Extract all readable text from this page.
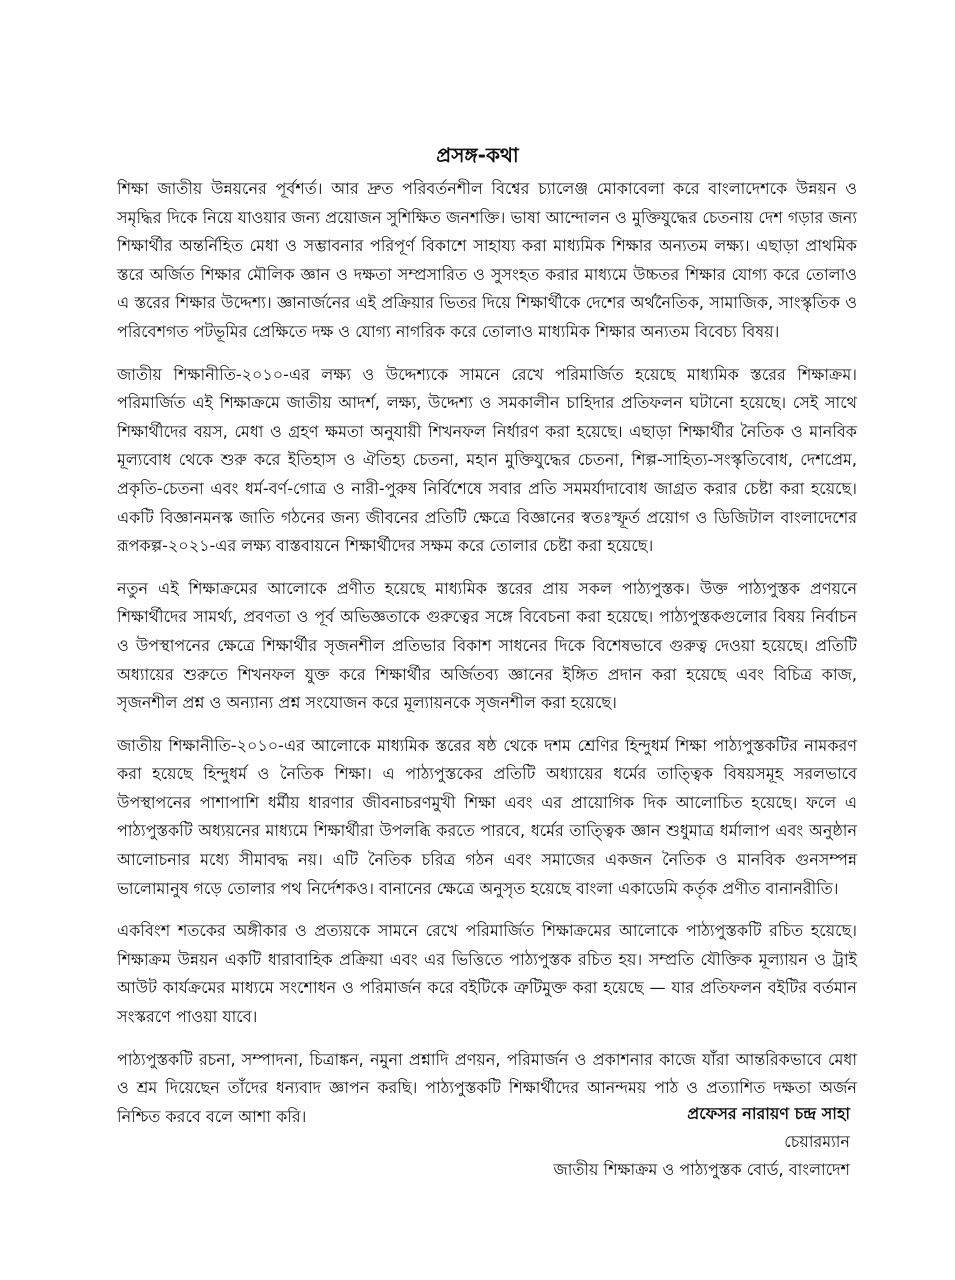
প্রসঙ্গ-কথা

শিক্ষা জাতীয় উন্নয়নের পূর্বশর্ত। আর দ্রুত পরিবর্তনশীল বিশ্বের চ্যালেঞ্জ মোকাবেলা করে বাংলাদেশকে উন্নয়ন ও সমৃদ্ধির দিকে নিয়ে যাওয়ার জন্য প্রয়োজন সুশিক্ষিত জনশক্তি। ভাষা আন্দোলন ও মুক্তিযুদ্ধের চেতনায় দেশ গড়ার জন্য শিক্ষার্থীর অন্তর্নিহিত মেধা ও সম্ভাবনার পরিপূর্ণ বিকাশে সাহায্য করা মাধ্যমিক শিক্ষার অন্যতম লক্ষ্য। এছাড়া প্রাথমিক স্তরে অর্জিত শিক্ষার মৌলিক জ্ঞান ও দক্ষতা সম্প্রসারিত ও সুসংহত করার মাধ্যমে উচ্চতর শিক্ষার যোগ্য করে তোলাও এ স্তরের শিক্ষার উদ্দেশ্য। জ্ঞানার্জনের এই প্রক্রিয়ার ভিতর দিয়ে শিক্ষার্থীকে দেশের অর্থনৈতিক, সামাজিক, সাংস্কৃতিক ও পরিবেশগত পটভূমির প্রেক্ষিতে দক্ষ ও যোগ্য নাগরিক করে তোলাও মাধ্যমিক শিক্ষার অন্যতম বিবেচ্য বিষয়।

জাতীয় শিক্ষানীতি-২০১০-এর লক্ষ্য ও উদ্দেশ্যকে সামনে রেখে পরিমার্জিত হয়েছে মাধ্যমিক স্তরের শিক্ষাক্রম। পরিমার্জিত এই শিক্ষাক্রমে জাতীয় আদর্শ, লক্ষ্য, উদ্দেশ্য ও সমকালীন চাহিদার প্রতিফলন ঘটানো হয়েছে। সেই সাথে শিক্ষার্থীদের বয়স, মেধা ও গ্রহণ ক্ষমতা অনুযায়ী শিখনফল নির্ধারণ করা হয়েছে। এছাড়া শিক্ষার্থীর নৈতিক ও মানবিক মূল্যবোধ থেকে শুরু করে ইতিহাস ও ঐতিহ্য চেতনা, মহান মুক্তিযুদ্ধের চেতনা, শিল্প-সাহিত্য-সংস্কৃতিবোধ, দেশপ্রেম, প্রকৃতি-চেতনা এবং ধর্ম-বর্ণ-গোত্র ও নারী-পুরুষ নির্বিশেষে সবার প্রতি সমমর্যাদাবোধ জাগ্রত করার চেষ্টা করা হয়েছে। একটি বিজ্ঞানমনস্ক জাতি গঠনের জন্য জীবনের প্রতিটি ক্ষেত্রে বিজ্ঞানের স্বতঃস্ফূর্ত প্রয়োগ ও ডিজিটাল বাংলাদেশের রূপকল্প-২০২১-এর লক্ষ্য বাস্তবায়নে শিক্ষার্থীদের সক্ষম করে তোলার চেষ্টা করা হয়েছে।

নতুন এই শিক্ষাক্রমের আলোকে প্রণীত হয়েছে মাধ্যমিক স্তরের প্রায় সকল পাঠ্যপুস্তক। উক্ত পাঠ্যপুস্তক প্রণয়নে শিক্ষার্থীদের সামর্থ্য, প্রবণতা ও পূর্ব অভিজ্ঞতাকে গুরুত্বের সঙ্গে বিবেচনা করা হয়েছে। পাঠ্যপুস্তকগুলোর বিষয় নির্বাচন ও উপস্থাপনের ক্ষেত্রে শিক্ষার্থীর সৃজনশীল প্রতিভার বিকাশ সাধনের দিকে বিশেষভাবে গুরুত্ব দেওয়া হয়েছে। প্রতিটি অধ্যায়ের শুরুতে শিখনফল যুক্ত করে শিক্ষার্থীর অর্জিতব্য জ্ঞানের ইঙ্গিত প্রদান করা হয়েছে এবং বিচিত্র কাজ, সৃজনশীল প্রশ্ন ও অন্যান্য প্রশ্ন সংযোজন করে মূল্যায়নকে সৃজনশীল করা হয়েছে।

জাতীয় শিক্ষানীতি-২০১০-এর আলোকে মাধ্যমিক স্তরের ষষ্ঠ থেকে দশম শ্রেণির হিন্দুধর্ম শিক্ষা পাঠ্যপুস্তকটির নামকরণ করা হয়েছে হিন্দুধর্ম ও নৈতিক শিক্ষা। এ পাঠ্যপুস্তকের প্রতিটি অধ্যায়ের ধর্মের তাত্ত্বিক বিষয়সমূহ সরলভাবে উপস্থাপনের পাশাপাশি ধর্মীয় ধারণার জীবনাচরণমুখী শিক্ষা এবং এর প্রায়োগিক দিক আলোচিত হয়েছে। ফলে এ পাঠ্যপুস্তকটি অধ্যয়নের মাধ্যমে শিক্ষার্থীরা উপলব্ধি করতে পারবে, ধর্মের তাত্ত্বিক জ্ঞান শুধুমাত্র ধর্মালাপ এবং অনুষ্ঠান আলোচনার মধ্যে সীমাবদ্ধ নয়। এটি নৈতিক চরিত্র গঠন এবং সমাজের একজন নৈতিক ও মানবিক গুনসম্পন্ন ভালোমানুষ গড়ে তোলার পথ নির্দেশকও। বানানের ক্ষেত্রে অনুসৃত হয়েছে বাংলা একাডেমি কর্তৃক প্রণীত বানানরীতি।

একবিংশ শতকের অঙ্গীকার ও প্রত্যয়কে সামনে রেখে পরিমার্জিত শিক্ষাক্রমের আলোকে পাঠ্যপুস্তকটি রচিত হয়েছে। শিক্ষাক্রম উন্নয়ন একটি ধারাবাহিক প্রক্রিয়া এবং এর ভিত্তিতে পাঠ্যপুস্তক রচিত হয়। সম্প্রতি যৌক্তিক মূল্যায়ন ও ট্রাই আউট কার্যক্রমের মাধ্যমে সংশোধন ও পরিমার্জন করে বইটিকে ত্রুটিমুক্ত করা হয়েছে — যার প্রতিফলন বইটির বর্তমান সংস্করণে পাওয়া যাবে।

পাঠ্যপুস্তকটি রচনা, সম্পাদনা, চিত্রাঙ্কন, নমুনা প্রশ্নাদি প্রণয়ন, পরিমার্জন ও প্রকাশনার কাজে যাঁরা আন্তরিকভাবে মেধা ও শ্রম দিয়েছেন তাঁদের ধন্যবাদ জ্ঞাপন করছি। পাঠ্যপুস্তকটি শিক্ষার্থীদের আনন্দময় পাঠ ও প্রত্যাশিত দক্ষতা অর্জন নিশ্চিত করবে বলে আশা করি।	প্রফেসর নারায়ণ চন্দ্র সাহা
চেয়ারম্যান
জাতীয় শিক্ষাক্রম ও পাঠ্যপুস্তক বোর্ড, বাংলাদেশ
